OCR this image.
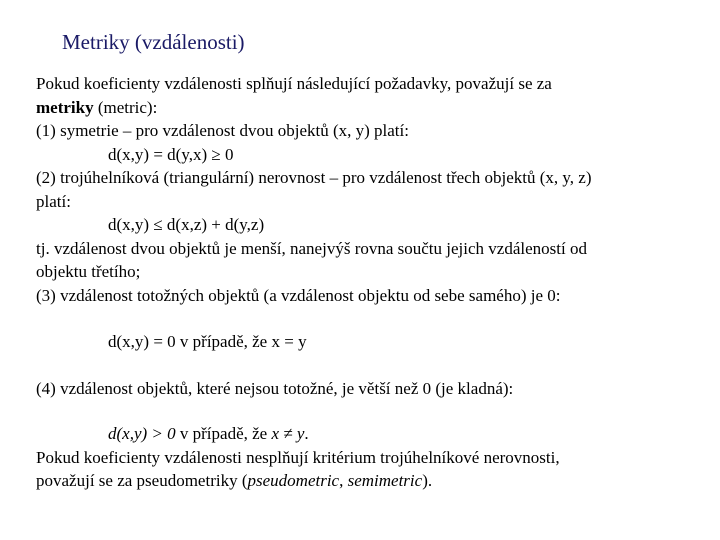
Metriky (vzdálenosti)
Pokud koeficienty vzdálenosti splňují následující požadavky, považují se za
metriky (metric):
(1) symetrie – pro vzdálenost dvou objektů (x, y) platí:
d(x,y) = d(y,x) ≥ 0
(2) trojúhelníková (triangulární) nerovnost – pro vzdálenost třech objektů (x, y, z)
platí:
d(x,y) ≤ d(x,z) + d(y,z)
tj. vzdálenost dvou objektů je menší, nanejvýš rovna součtu jejich vzdáleností od
objektu třetího;
(3) vzdálenost totožných objektů (a vzdálenost objektu od sebe samého) je 0:
d(x,y) = 0 v případě, že x = y
(4) vzdálenost objektů, které nejsou totožné, je větší než 0 (je kladná):
d(x,y) > 0 v případě, že x ≠ y.
Pokud koeficienty vzdálenosti nesplňují kritérium trojúhelníkové nerovnosti,
považují se za pseudometriky (pseudometric, semimetric).
